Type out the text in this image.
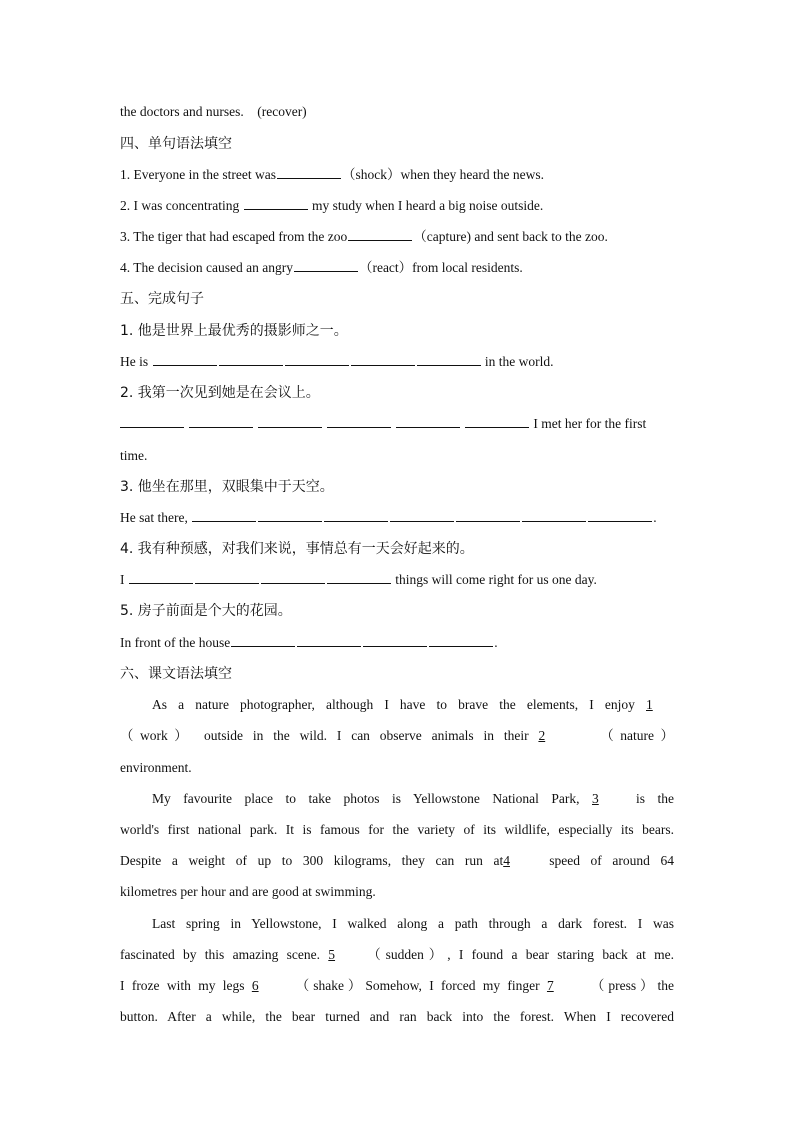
the doctors and nurses.　(recover)
四、单句语法填空
1. Everyone in the street was	（shock）when they heard the news.
2. I was concentrating	my study when I heard a big noise outside.
3. The tiger that had escaped from the zoo	（capture) and sent back to the zoo.
4. The decision caused an angry	（react）from local residents.
五、完成句子
1. 他是世界上最优秀的摄影师之一。
He is	in the world.
2. 我第一次见到她是在会议上。
I met her for the first
time.
3. 他坐在那里，双眼集中于天空。
He sat there,	.
4. 我有种预感，对我们来说，事情总有一天会好起来的。
I	things will come right for us one day.
5. 房子前面是个大的花园。
In front of the house	.
六、课文语法填空
As a nature photographer, although I have to brave the elements, I enjoy 1
（work） outside in the wild. I can observe animals in their 2	（nature）
environment.
My favourite place to take photos is Yellowstone National Park, 3	is the
world's first national park. It is famous for the variety of its wildlife, especially its bears.
Despite a weight of up to 300 kilograms, they can run at4	speed of around 64
kilometres per hour and are good at swimming.
Last spring in Yellowstone, I walked along a path through a dark forest. I was
fascinated by this amazing scene. 5 （sudden）, I found a bear staring back at me.
I froze with my legs 6 （shake）Somehow, I forced my finger 7 （press）the
button. After a while, the bear turned and ran back into the forest. When I recovered
